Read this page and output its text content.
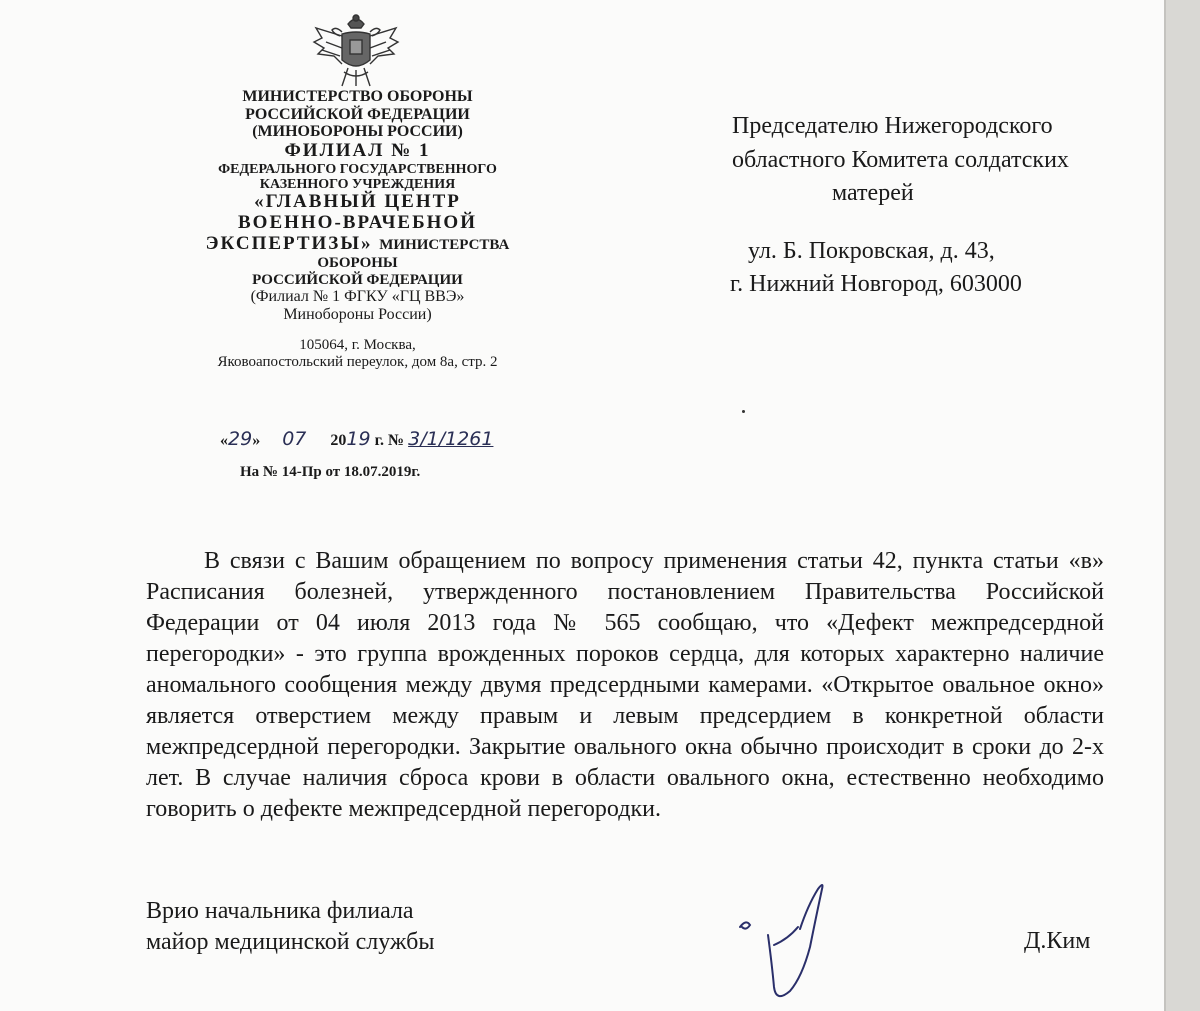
МИНИСТЕРСТВО ОБОРОНЫ
РОССИЙСКОЙ ФЕДЕРАЦИИ
(МИНОБОРОНЫ РОССИИ)
ФИЛИАЛ № 1
ФЕДЕРАЛЬНОГО ГОСУДАРСТВЕННОГО
КАЗЕННОГО УЧРЕЖДЕНИЯ
«ГЛАВНЫЙ ЦЕНТР
ВОЕННО-ВРАЧЕБНОЙ
ЭКСПЕРТИЗЫ» МИНИСТЕРСТВА
ОБОРОНЫ
РОССИЙСКОЙ ФЕДЕРАЦИИ
(Филиал № 1 ФГКУ «ГЦ ВВЭ»
Минобороны России)
105064, г. Москва,
Яковоапостольский переулок, дом 8а, стр. 2
«29» 07 2019 г. № 3/1/1261
На № 14-Пр от 18.07.2019г.
Председателю Нижегородского
областного Комитета солдатских
матерей
ул. Б. Покровская, д. 43,
г. Нижний Новгород, 603000
В связи с Вашим обращением по вопросу применения статьи 42, пункта статьи «в» Расписания болезней, утвержденного постановлением Правительства Российской Федерации от 04 июля 2013 года № 565 сообщаю, что «Дефект межпредсердной перегородки» - это группа врожденных пороков сердца, для которых характерно наличие аномального сообщения между двумя предсердными камерами. «Открытое овальное окно» является отверстием между правым и левым предсердием в конкретной области межпредсердной перегородки. Закрытие овального окна обычно происходит в сроки до 2-х лет. В случае наличия сброса крови в области овального окна, естественно необходимо говорить о дефекте межпредсердной перегородки.
Врио начальника филиала
майор медицинской службы	Д.Ким
